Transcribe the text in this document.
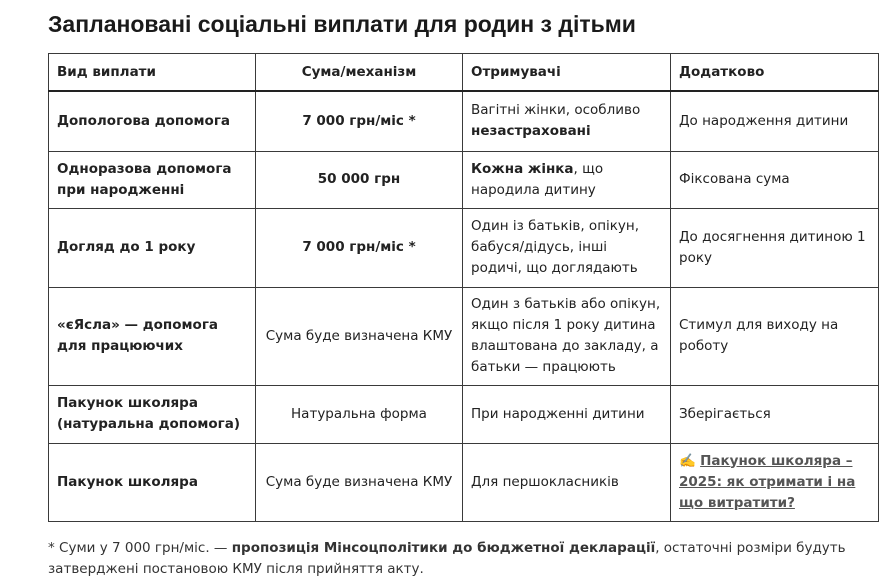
Заплановані соціальні виплати для родин з дітьми
Вид виплати	Сума/механізм	Отримувачі	Додатково
Допологова допомога	7 000 грн/міс *	Вагітні жінки, особливо незастраховані	До народження дитини
Одноразова допомога при народженні	50 000 грн	Кожна жінка, що народила дитину	Фіксована сума
Догляд до 1 року	7 000 грн/міс *	Один із батьків, опікун, бабуся/дідусь, інші родичі, що доглядають	До досягнення дитиною 1 року
«єЯсла» — допомога для працюючих	Сума буде визначена КМУ	Один з батьків або опікун, якщо після 1 року дитина влаштована до закладу, а батьки — працюють	Стимул для виходу на роботу
Пакунок школяра (натуральна допомога)	Натуральна форма	При народженні дитини	Зберігається
Пакунок школяра	Сума буде визначена КМУ	Для першокласників	✍️ Пакунок школяра – 2025: як отримати і на що витратити?
* Суми у 7 000 грн/міс. — пропозиція Мінсоцполітики до бюджетної декларації, остаточні розміри будуть затверджені постановою КМУ після прийняття акту.
